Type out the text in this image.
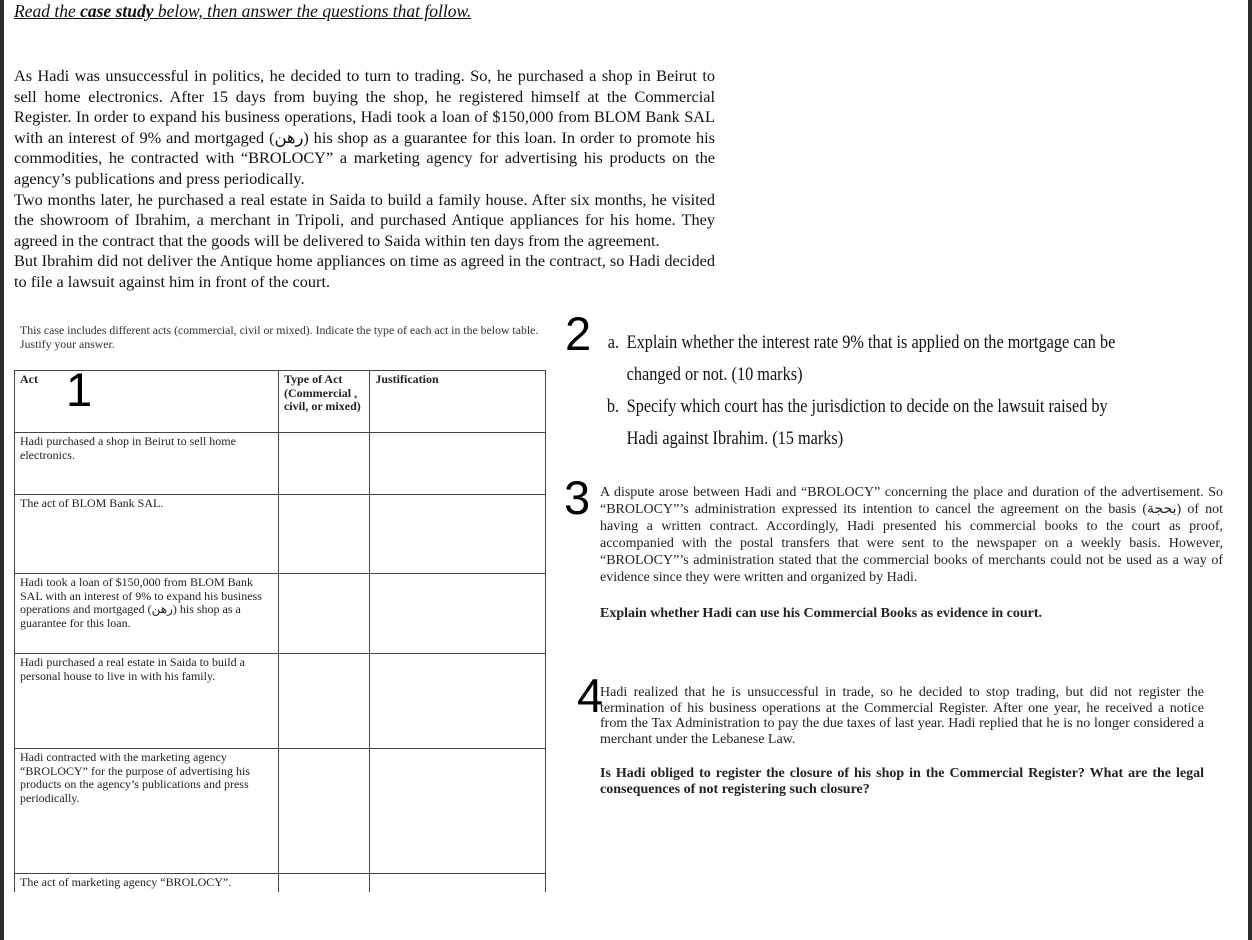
Read the case study below, then answer the questions that follow.

As Hadi was unsuccessful in politics, he decided to turn to trading. So, he purchased a shop in Beirut to sell home electronics. After 15 days from buying the shop, he registered himself at the Commercial Register. In order to expand his business operations, Hadi took a loan of $150,000 from BLOM Bank SAL with an interest of 9% and mortgaged (رهن) his shop as a guarantee for this loan. In order to promote his commodities, he contracted with “BROLOCY” a marketing agency for advertising his products on the agency’s publications and press periodically.

Two months later, he purchased a real estate in Saida to build a family house. After six months, he visited the showroom of Ibrahim, a merchant in Tripoli, and purchased Antique appliances for his home. They agreed in the contract that the goods will be delivered to Saida within ten days from the agreement.

But Ibrahim did not deliver the Antique home appliances on time as agreed in the contract, so Hadi decided to file a lawsuit against him in front of the court.

This case includes different acts (commercial, civil or mixed). Indicate the type of each act in the below table. Justify your answer.
1
2
3
4
Act	Type of Act (Commercial , civil, or mixed)	Justification
Hadi purchased a shop in Beirut to sell home electronics.		
The act of BLOM Bank SAL.		
Hadi took a loan of $150,000 from BLOM Bank SAL with an interest of 9% to expand his business operations and mortgaged (رهن) his shop as a guarantee for this loan.		
Hadi purchased a real estate in Saida to build a personal house to live in with his family.		
Hadi contracted with the marketing agency “BROLOCY” for the purpose of advertising his products on the agency’s publications and press periodically.		
The act of marketing agency “BROLOCY”.		
a. Explain whether the interest rate 9% that is applied on the mortgage can be changed or not. (10 marks)
b. Specify which court has the jurisdiction to decide on the lawsuit raised by Hadi against Ibrahim. (15 marks)

A dispute arose between Hadi and “BROLOCY” concerning the place and duration of the advertisement. So “BROLOCY”’s administration expressed its intention to cancel the agreement on the basis (بحجة) of not having a written contract. Accordingly, Hadi presented his commercial books to the court as proof, accompanied with the postal transfers that were sent to the newspaper on a weekly basis. However, “BROLOCY”’s administration stated that the commercial books of merchants could not be used as a way of evidence since they were written and organized by Hadi.

Explain whether Hadi can use his Commercial Books as evidence in court.

Hadi realized that he is unsuccessful in trade, so he decided to stop trading, but did not register the termination of his business operations at the Commercial Register. After one year, he received a notice from the Tax Administration to pay the due taxes of last year. Hadi replied that he is no longer considered a merchant under the Lebanese Law.

Is Hadi obliged to register the closure of his shop in the Commercial Register? What are the legal consequences of not registering such closure?
